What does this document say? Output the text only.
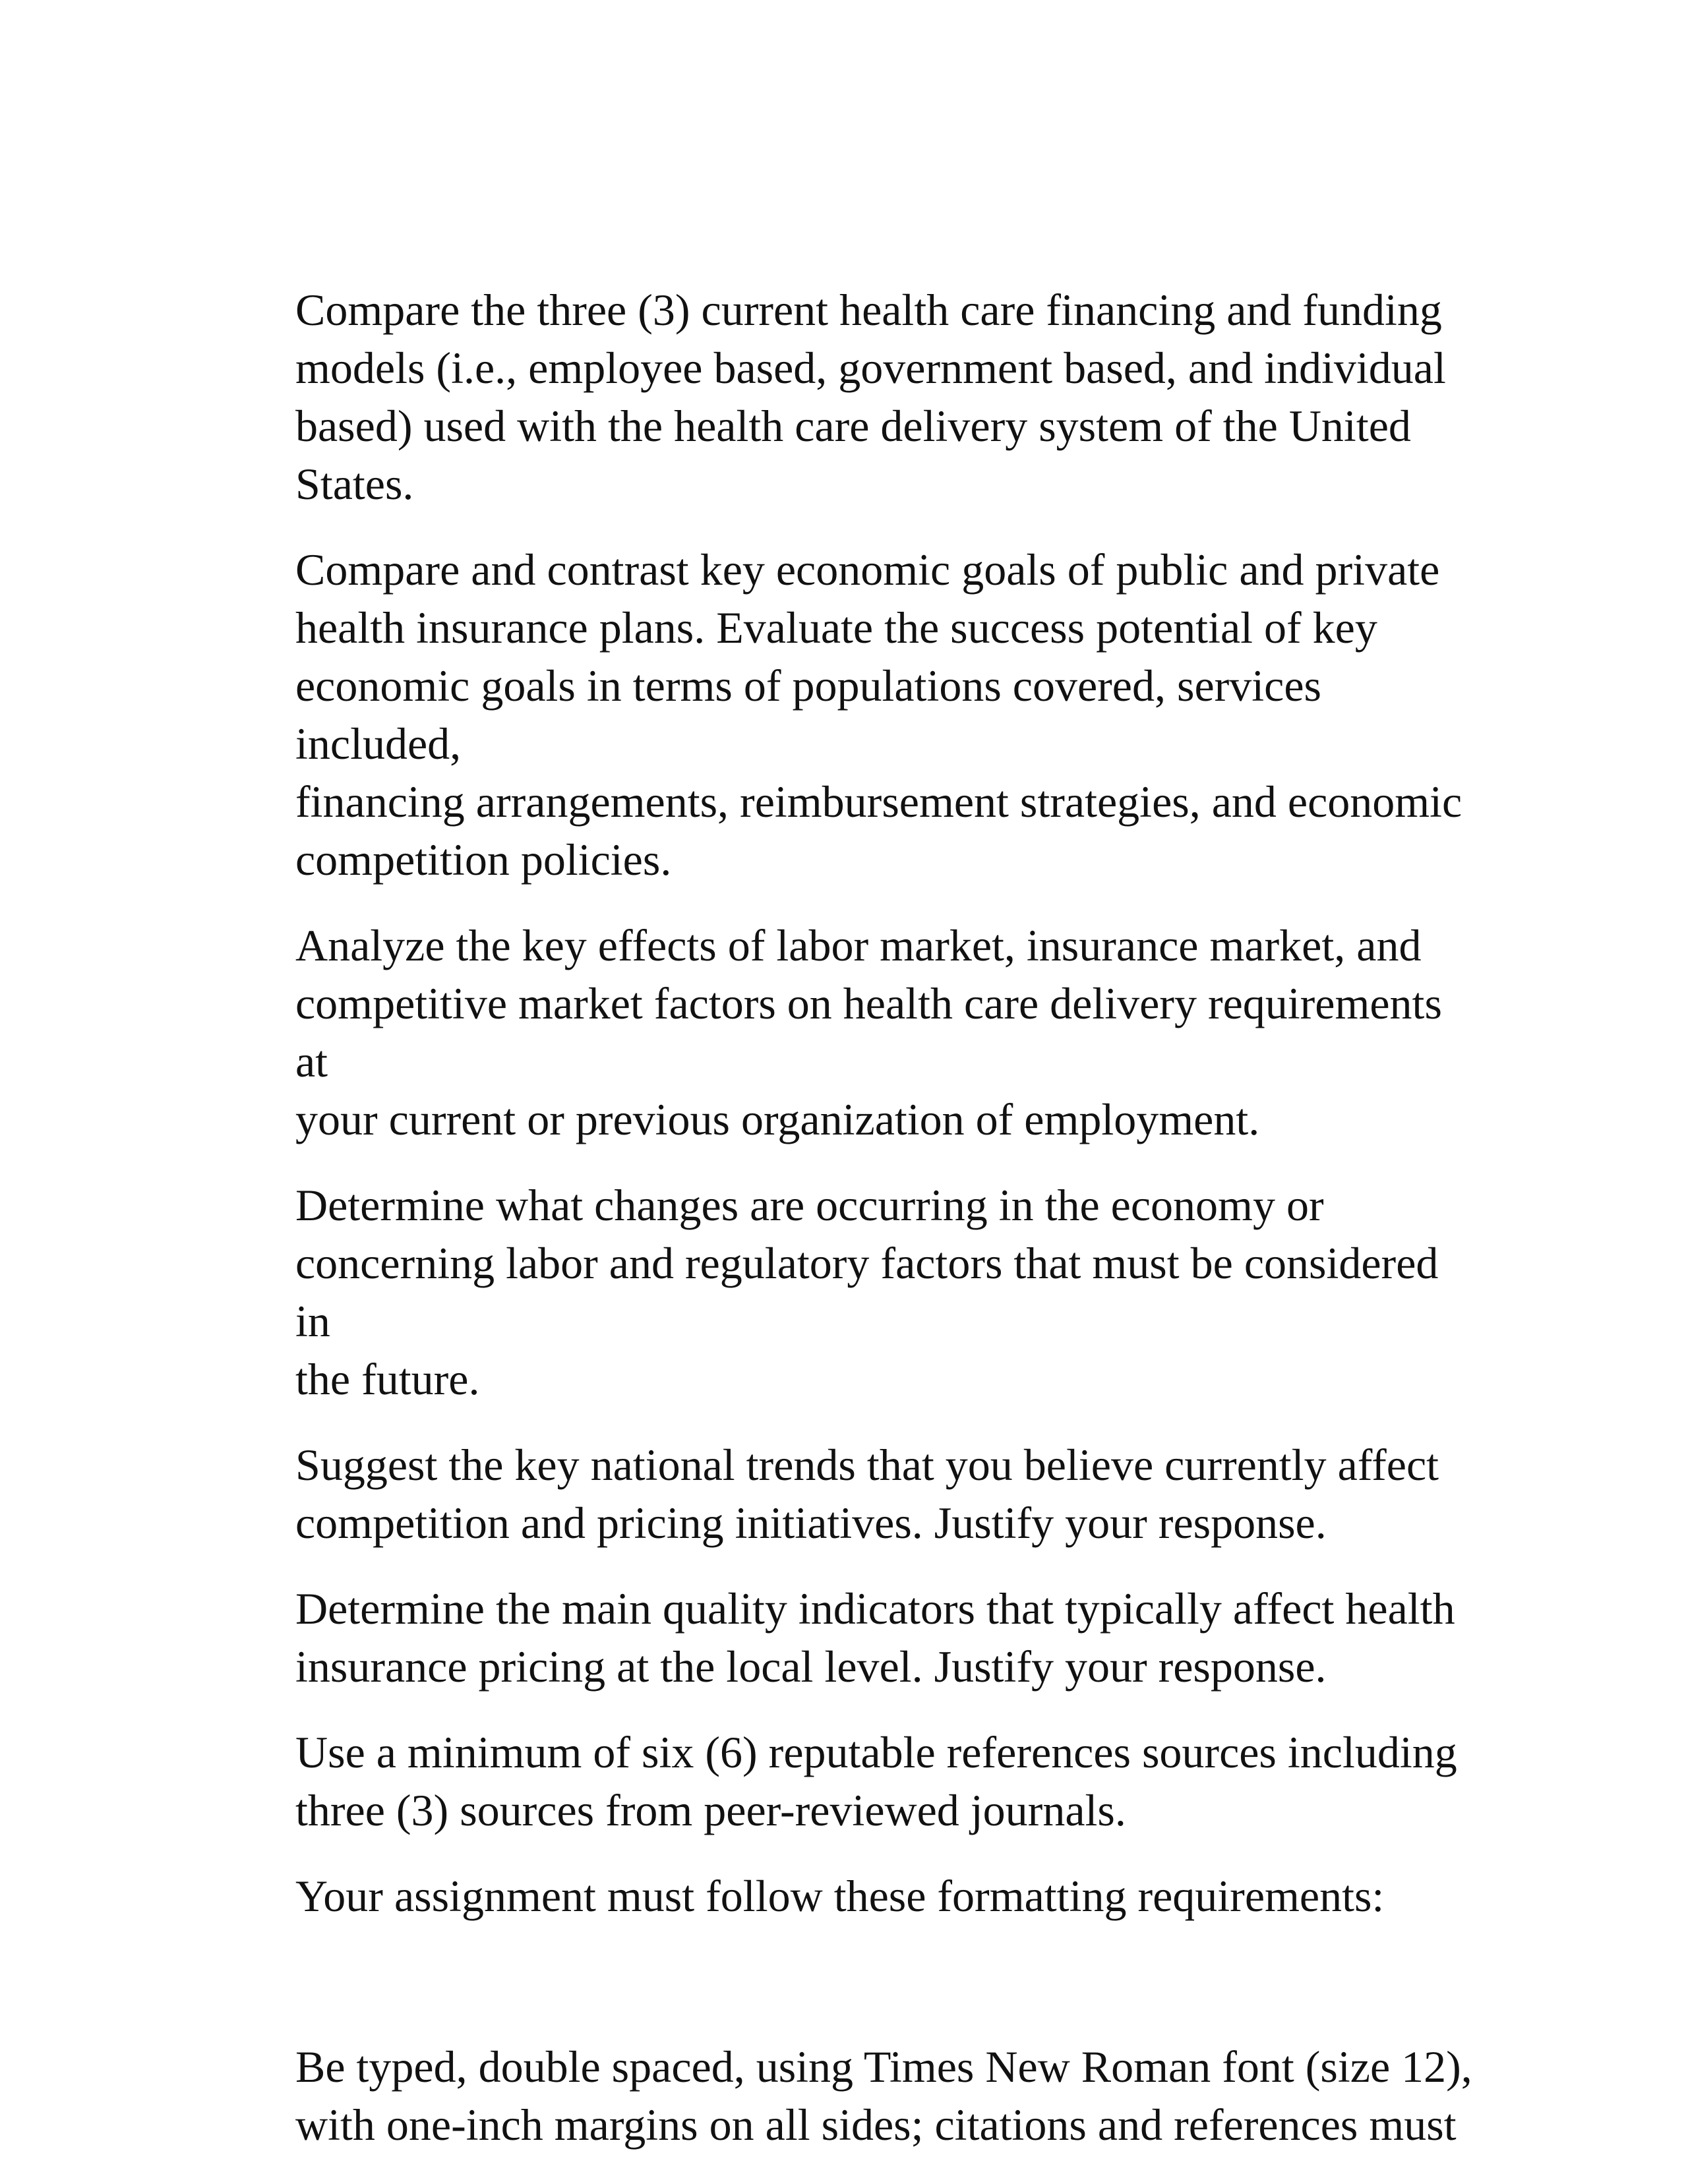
Compare the three (3) current health care financing and funding
models (i.e., employee based, government based, and individual
based) used with the health care delivery system of the United
States.

Compare and contrast key economic goals of public and private
health insurance plans. Evaluate the success potential of key
economic goals in terms of populations covered, services included,
financing arrangements, reimbursement strategies, and economic
competition policies.

Analyze the key effects of labor market, insurance market, and
competitive market factors on health care delivery requirements at
your current or previous organization of employment.

Determine what changes are occurring in the economy or
concerning labor and regulatory factors that must be considered in
the future.

Suggest the key national trends that you believe currently affect
competition and pricing initiatives. Justify your response.

Determine the main quality indicators that typically affect health
insurance pricing at the local level. Justify your response.

Use a minimum of six (6) reputable references sources including
three (3) sources from peer-reviewed journals.

Your assignment must follow these formatting requirements:

Be typed, double spaced, using Times New Roman font (size 12),
with one-inch margins on all sides; citations and references must
